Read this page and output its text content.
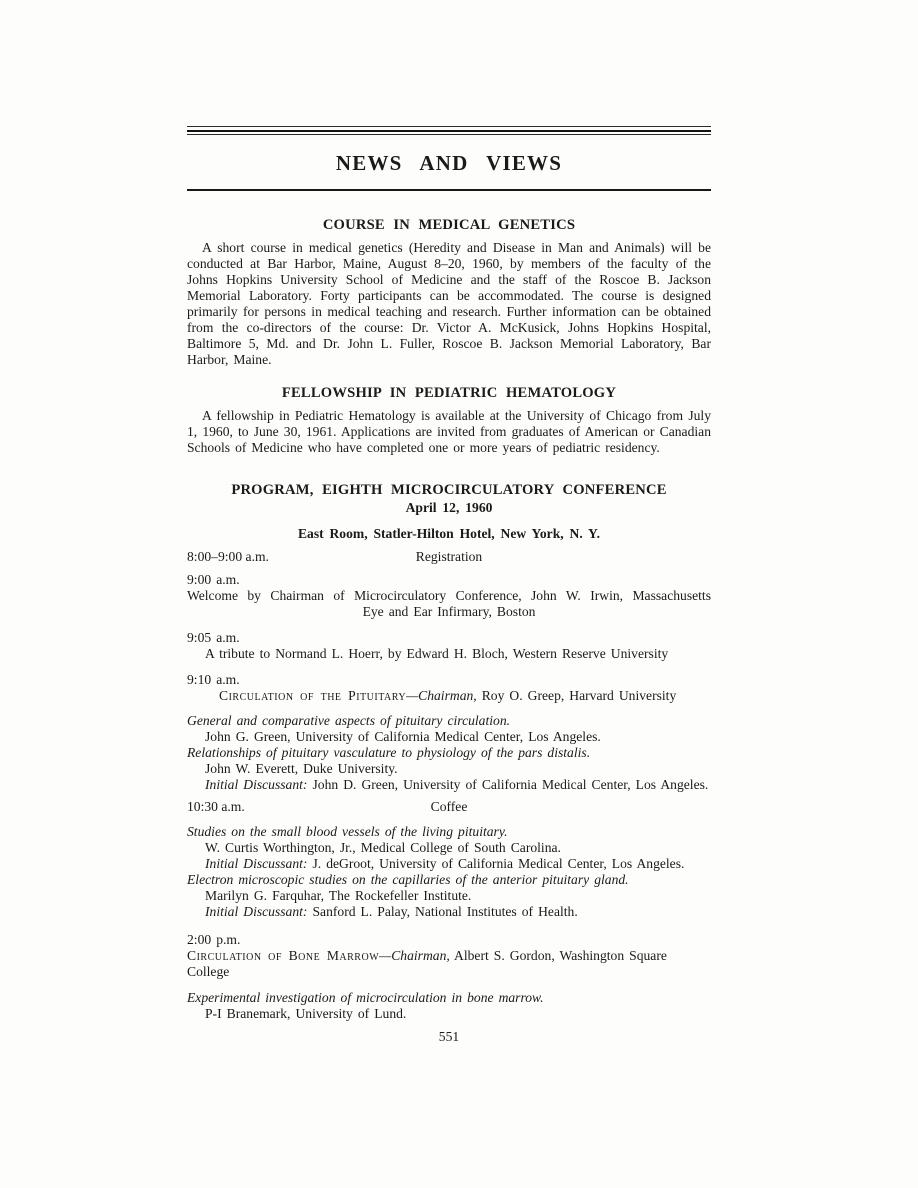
NEWS AND VIEWS
COURSE IN MEDICAL GENETICS
A short course in medical genetics (Heredity and Disease in Man and Animals) will be conducted at Bar Harbor, Maine, August 8–20, 1960, by members of the faculty of the Johns Hopkins University School of Medicine and the staff of the Roscoe B. Jackson Memorial Laboratory. Forty participants can be accommodated. The course is designed primarily for persons in medical teaching and research. Further information can be obtained from the co-directors of the course: Dr. Victor A. McKusick, Johns Hopkins Hospital, Baltimore 5, Md. and Dr. John L. Fuller, Roscoe B. Jackson Memorial Laboratory, Bar Harbor, Maine.
FELLOWSHIP IN PEDIATRIC HEMATOLOGY
A fellowship in Pediatric Hematology is available at the University of Chicago from July 1, 1960, to June 30, 1961. Applications are invited from graduates of American or Canadian Schools of Medicine who have completed one or more years of pediatric residency.
PROGRAM, EIGHTH MICROCIRCULATORY CONFERENCE
April 12, 1960
East Room, Statler-Hilton Hotel, New York, N. Y.
8:00–9:00 a.m.	Registration
9:00 a.m.
Welcome by Chairman of Microcirculatory Conference, John W. Irwin, Massachusetts
Eye and Ear Infirmary, Boston
9:05 a.m.
A tribute to Normand L. Hoerr, by Edward H. Bloch, Western Reserve University
9:10 a.m.
Circulation of the Pituitary—Chairman, Roy O. Greep, Harvard University
General and comparative aspects of pituitary circulation.
John G. Green, University of California Medical Center, Los Angeles.
Relationships of pituitary vasculature to physiology of the pars distalis.
John W. Everett, Duke University.
Initial Discussant: John D. Green, University of California Medical Center, Los Angeles.
10:30 a.m.	Coffee
Studies on the small blood vessels of the living pituitary.
W. Curtis Worthington, Jr., Medical College of South Carolina.
Initial Discussant: J. deGroot, University of California Medical Center, Los Angeles.
Electron microscopic studies on the capillaries of the anterior pituitary gland.
Marilyn G. Farquhar, The Rockefeller Institute.
Initial Discussant: Sanford L. Palay, National Institutes of Health.
2:00 p.m.
Circulation of Bone Marrow—Chairman, Albert S. Gordon, Washington Square College
Experimental investigation of microcirculation in bone marrow.
P-I Branemark, University of Lund.
551
